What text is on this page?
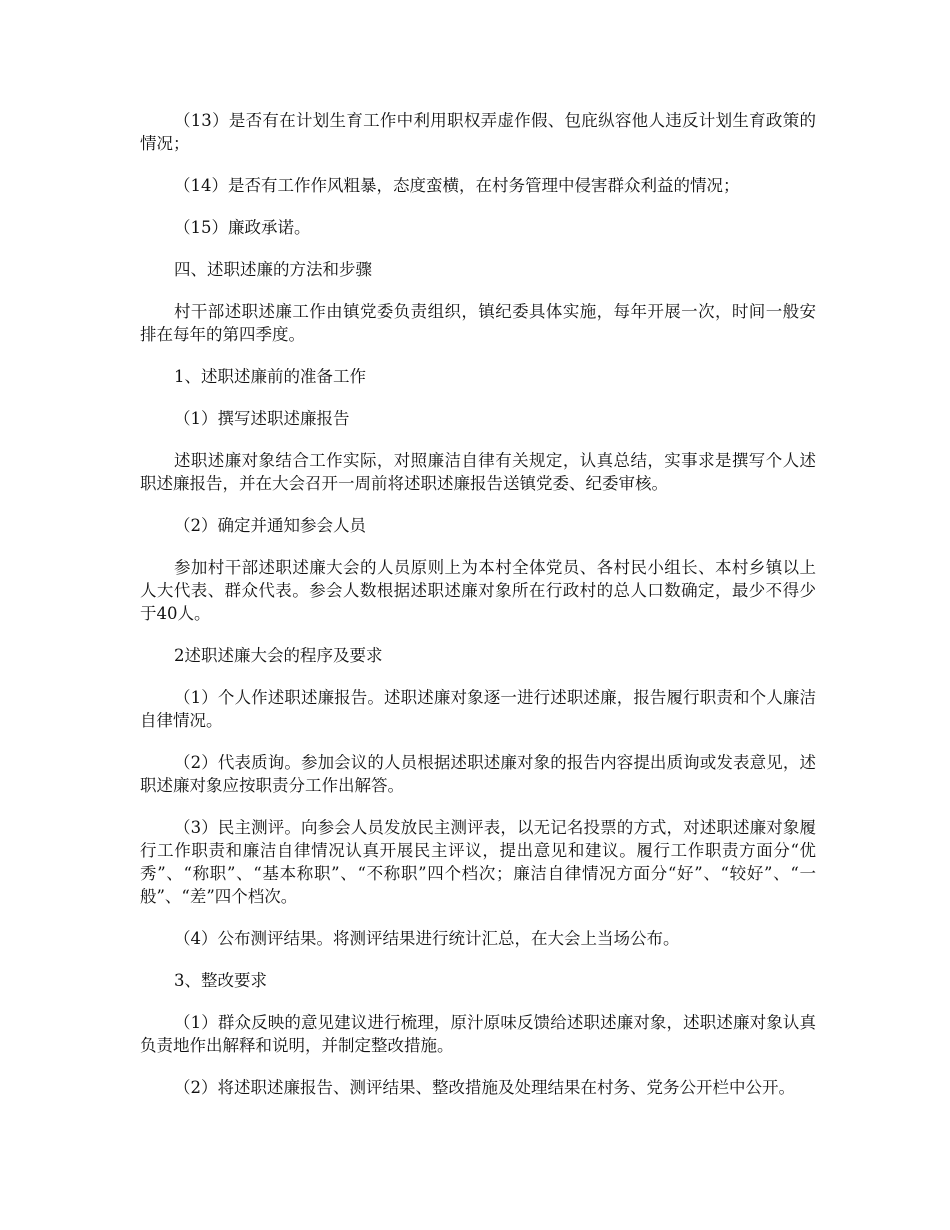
（13）是否有在计划生育工作中利用职权弄虚作假、包庇纵容他人违反计划生育政策的情况；

（14）是否有工作作风粗暴，态度蛮横，在村务管理中侵害群众利益的情况；

（15）廉政承诺。

四、述职述廉的方法和步骤

村干部述职述廉工作由镇党委负责组织，镇纪委具体实施，每年开展一次，时间一般安排在每年的第四季度。

1、述职述廉前的准备工作

（1）撰写述职述廉报告

述职述廉对象结合工作实际，对照廉洁自律有关规定，认真总结，实事求是撰写个人述职述廉报告，并在大会召开一周前将述职述廉报告送镇党委、纪委审核。

（2）确定并通知参会人员

参加村干部述职述廉大会的人员原则上为本村全体党员、各村民小组长、本村乡镇以上人大代表、群众代表。参会人数根据述职述廉对象所在行政村的总人口数确定，最少不得少于40人。

2述职述廉大会的程序及要求

（1）个人作述职述廉报告。述职述廉对象逐一进行述职述廉，报告履行职责和个人廉洁自律情况。

（2）代表质询。参加会议的人员根据述职述廉对象的报告内容提出质询或发表意见，述职述廉对象应按职责分工作出解答。

（3）民主测评。向参会人员发放民主测评表，以无记名投票的方式，对述职述廉对象履行工作职责和廉洁自律情况认真开展民主评议，提出意见和建议。履行工作职责方面分“优秀”、“称职”、“基本称职”、“不称职”四个档次；廉洁自律情况方面分“好”、“较好”、“一般”、“差”四个档次。

（4）公布测评结果。将测评结果进行统计汇总，在大会上当场公布。

3、整改要求

（1）群众反映的意见建议进行梳理，原汁原味反馈给述职述廉对象，述职述廉对象认真负责地作出解释和说明，并制定整改措施。

（2）将述职述廉报告、测评结果、整改措施及处理结果在村务、党务公开栏中公开。
